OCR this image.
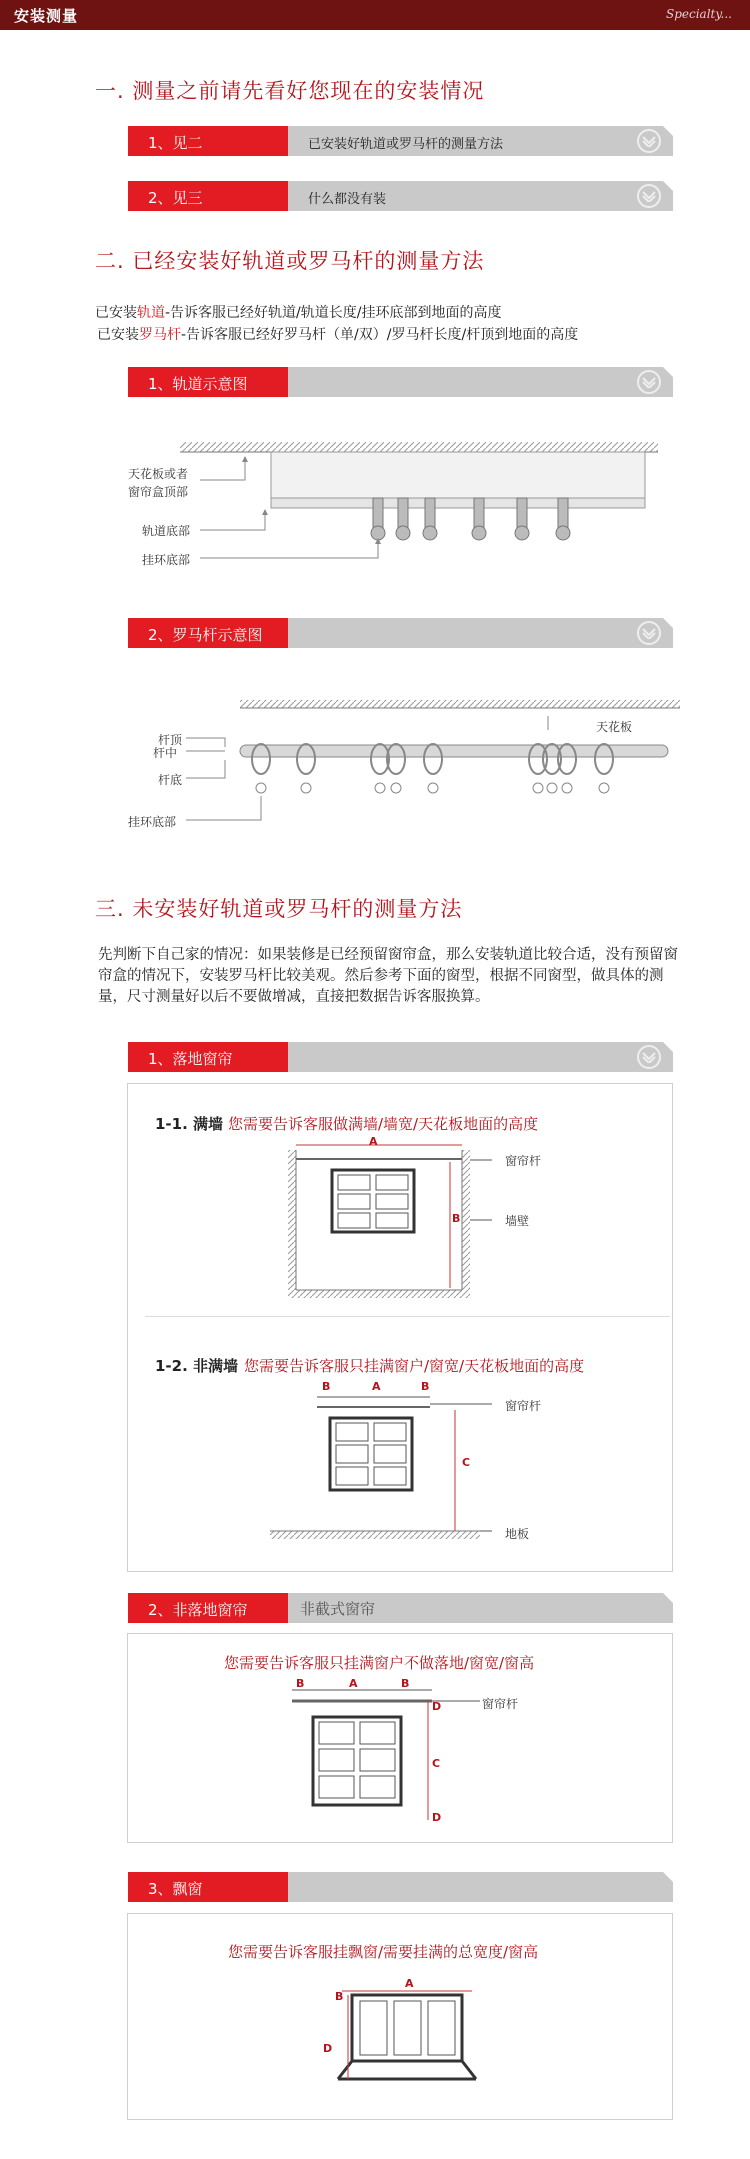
安装测量	Specialty...
一. 测量之前请先看好您现在的安装情况
1、见二	已安装好轨道或罗马杆的测量方法
2、见三	什么都没有装
二. 已经安装好轨道或罗马杆的测量方法
已安装轨道-告诉客服已经好轨道/轨道长度/挂环底部到地面的高度
已安装罗马杆-告诉客服已经好罗马杆（单/双）/罗马杆长度/杆顶到地面的高度
1、轨道示意图
天花板或者
窗帘盒顶部
轨道底部
挂环底部
2、罗马杆示意图
杆顶
杆中
杆底
挂环底部
天花板
三. 未安装好轨道或罗马杆的测量方法
先判断下自己家的情况：如果装修是已经预留窗帘盒，那么安装轨道比较合适，没有预留窗帘盒的情况下，安装罗马杆比较美观。然后参考下面的窗型，根据不同窗型，做具体的测量，尺寸测量好以后不要做增减，直接把数据告诉客服换算。
1、落地窗帘
1-1. 满墙 您需要告诉客服做满墙/墙宽/天花板地面的高度
A
B
窗帘杆
墙壁
1-2. 非满墙 您需要告诉客服只挂满窗户/窗宽/天花板地面的高度
B	A	B
C
窗帘杆
地板
2、非落地窗帘	非截式窗帘
您需要告诉客服只挂满窗户不做落地/窗宽/窗高
B	A	B
D
C
D
窗帘杆
3、飘窗
您需要告诉客服挂飘窗/需要挂满的总宽度/窗高
A
B
D
